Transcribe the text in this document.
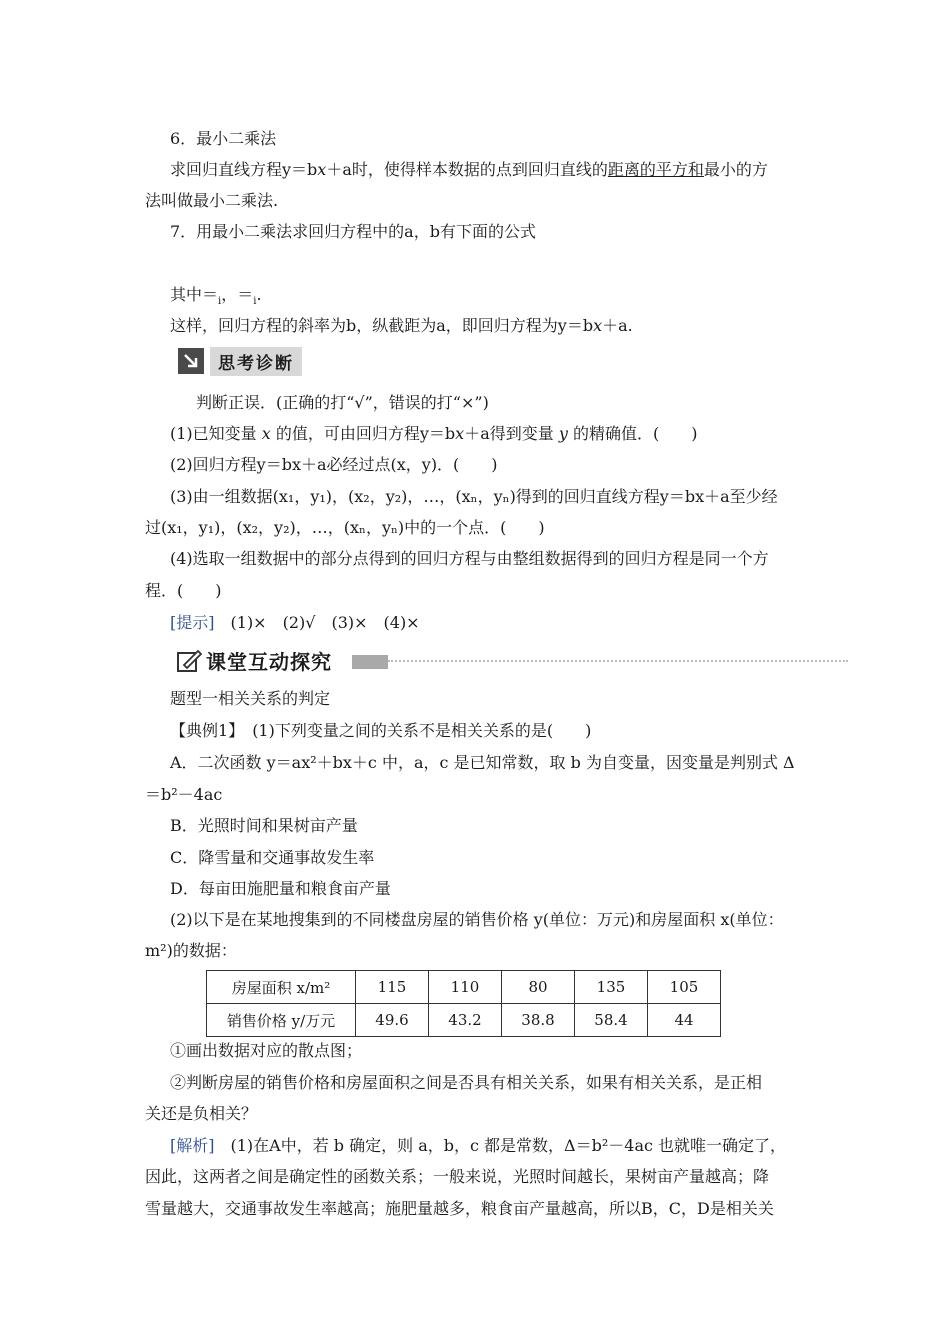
6．最小二乘法
求回归直线方程y＝bx＋a时，使得样本数据的点到回归直线的距离的平方和最小的方
法叫做最小二乘法.
7．用最小二乘法求回归方程中的a，b有下面的公式
其中$=_i$，$=_i$.
这样，回归方程的斜率为b，纵截距为a，即回归方程为y＝bx＋a.
思考诊断
判断正误．(正确的打“√”，错误的打“×”)
(1)已知变量 x 的值，可由回归方程y＝bx＋a得到变量 y 的精确值．(　　)
(2)回归方程y＝bx＋a必经过点(x，y)．(　　)
(3)由一组数据(x₁，y₁)，(x₂，y₂)，…，(xₙ，yₙ)得到的回归直线方程y＝bx＋a至少经
过(x₁，y₁)，(x₂，y₂)，…，(xₙ，yₙ)中的一个点．(　　)
(4)选取一组数据中的部分点得到的回归方程与由整组数据得到的回归方程是同一个方
程．(　　)
[提示]　 (1)×　(2)√　(3)×　(4)×
课堂互动探究
题型一相关关系的判定
【典例1】　(1)下列变量之间的关系不是相关关系的是(　　)
A．二次函数 y＝ax²＋bx＋c 中，a，c 是已知常数，取 b 为自变量，因变量是判别式 Δ
＝b²－4ac
B．光照时间和果树亩产量
C．降雪量和交通事故发生率
D．每亩田施肥量和粮食亩产量
(2)以下是在某地搜集到的不同楼盘房屋的销售价格 y(单位：万元)和房屋面积 x(单位：
m²)的数据：
房屋面积 x/m²	115	110	80	135	105
销售价格 y/万元	49.6	43.2	38.8	58.4	44
①画出数据对应的散点图；
②判断房屋的销售价格和房屋面积之间是否具有相关关系，如果有相关关系，是正相
关还是负相关？
[解析]　(1)在A中，若 b 确定，则 a，b，c 都是常数，Δ＝b²－4ac 也就唯一确定了，
因此，这两者之间是确定性的函数关系；一般来说，光照时间越长，果树亩产量越高；降
雪量越大，交通事故发生率越高；施肥量越多，粮食亩产量越高，所以B，C，D是相关关
